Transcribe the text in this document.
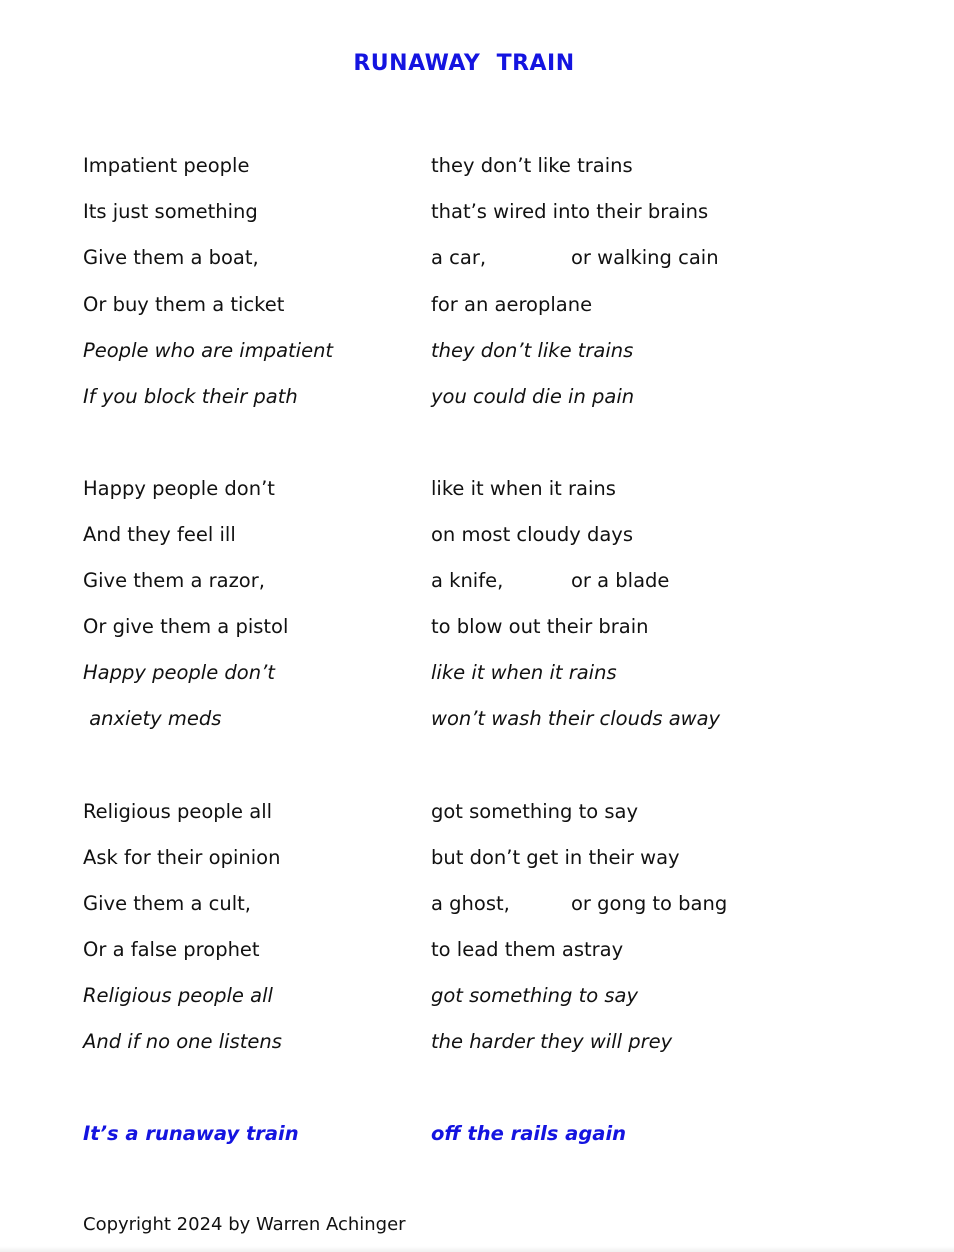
RUNAWAY  TRAIN
Impatient people	they don’t like trains
Its just something	that’s wired into their brains
Give them a boat,	a car,	or walking cain
Or buy them a ticket	for an aeroplane
People who are impatient	they don’t like trains
If you block their path	you could die in pain
Happy people don’t	like it when it rains
And they feel ill	on most cloudy days
Give them a razor,	a knife,	or a blade
Or give them a pistol	to blow out their brain
Happy people don’t	like it when it rains
anxiety meds	won’t wash their clouds away
Religious people all	got something to say
Ask for their opinion	but don’t get in their way
Give them a cult,	a ghost,	or gong to bang
Or a false prophet	to lead them astray
Religious people all	got something to say
And if no one listens	the harder they will prey
It’s a runaway train	off the rails again
Copyright 2024 by Warren Achinger
